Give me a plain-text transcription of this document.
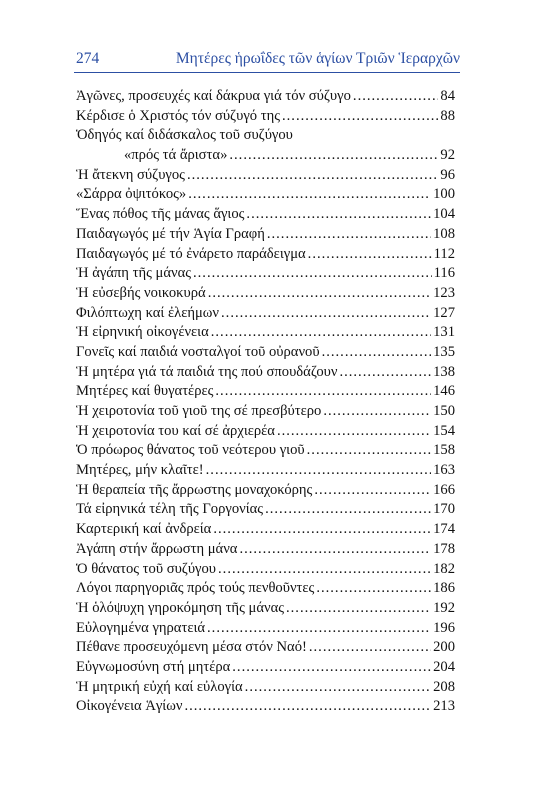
274	Μητέρες ἡρωΐδες τῶν ἁγίων Τριῶν Ἱεραρχῶν
Ἀγῶνες, προσευχές καί δάκρυα γιά τόν σύζυγο .....	84
Κέρδισε ὁ Χριστός τόν σύζυγό της .....	88
Ὁδηγός καί διδάσκαλος τοῦ συζύγου
«πρός τά ἄριστα» .....	92
Ἡ ἄτεκνη σύζυγος .....	96
«Σάρρα ὀψιτόκος» .....	100
Ἕνας πόθος τῆς μάνας ἅγιος .....	104
Παιδαγωγός μέ τήν Ἁγία Γραφή .....	108
Παιδαγωγός μέ τό ἐνάρετο παράδειγμα .....	112
Ἡ ἀγάπη τῆς μάνας .....	116
Ἡ εὐσεβής νοικοκυρά .....	123
Φιλόπτωχη καί ἐλεήμων .....	127
Ἡ εἰρηνική οἰκογένεια .....	131
Γονεῖς καί παιδιά νοσταλγοί τοῦ οὐρανοῦ .....	135
Ἡ μητέρα γιά τά παιδιά της πού σπουδάζουν .....	138
Μητέρες καί θυγατέρες .....	146
Ἡ χειροτονία τοῦ γιοῦ της σέ πρεσβύτερο .....	150
Ἡ χειροτονία του καί σέ ἀρχιερέα .....	154
Ὁ πρόωρος θάνατος τοῦ νεότερου γιοῦ .....	158
Μητέρες, μήν κλαῖτε! .....	163
Ἡ θεραπεία τῆς ἄρρωστης μοναχοκόρης .....	166
Τά εἰρηνικά τέλη τῆς Γοργονίας .....	170
Καρτερική καί ἀνδρεία .....	174
Ἀγάπη στήν ἄρρωστη μάνα .....	178
Ὁ θάνατος τοῦ συζύγου .....	182
Λόγοι παρηγοριᾶς πρός τούς πενθοῦντες .....	186
Ἡ ὁλόψυχη γηροκόμηση τῆς μάνας .....	192
Εὐλογημένα γηρατειά .....	196
Πέθανε προσευχόμενη μέσα στόν Ναό! .....	200
Εὐγνωμοσύνη στή μητέρα .....	204
Ἡ μητρική εὐχή καί εὐλογία .....	208
Οἰκογένεια Ἁγίων .....	213
